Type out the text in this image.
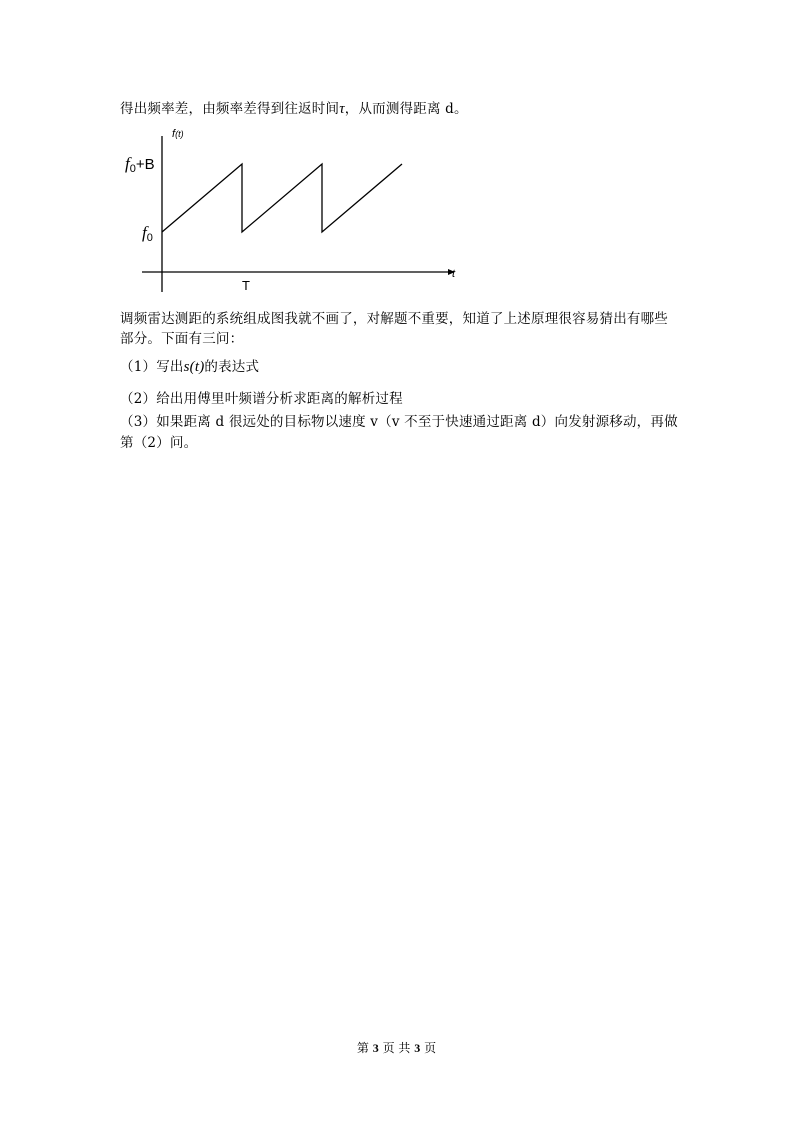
得出频率差，由频率差得到往返时间τ，从而测得距离 d。
f(t)
t
$f_0+B$
$f_0$
T
调频雷达测距的系统组成图我就不画了，对解题不重要，知道了上述原理很容易猜出有哪些
部分。下面有三问：
（1）写出s(t)的表达式
（2）给出用傅里叶频谱分析求距离的解析过程
（3）如果距离 d 很远处的目标物以速度 v（v 不至于快速通过距离 d）向发射源移动，再做
第（2）问。
第 3 页 共 3 页
